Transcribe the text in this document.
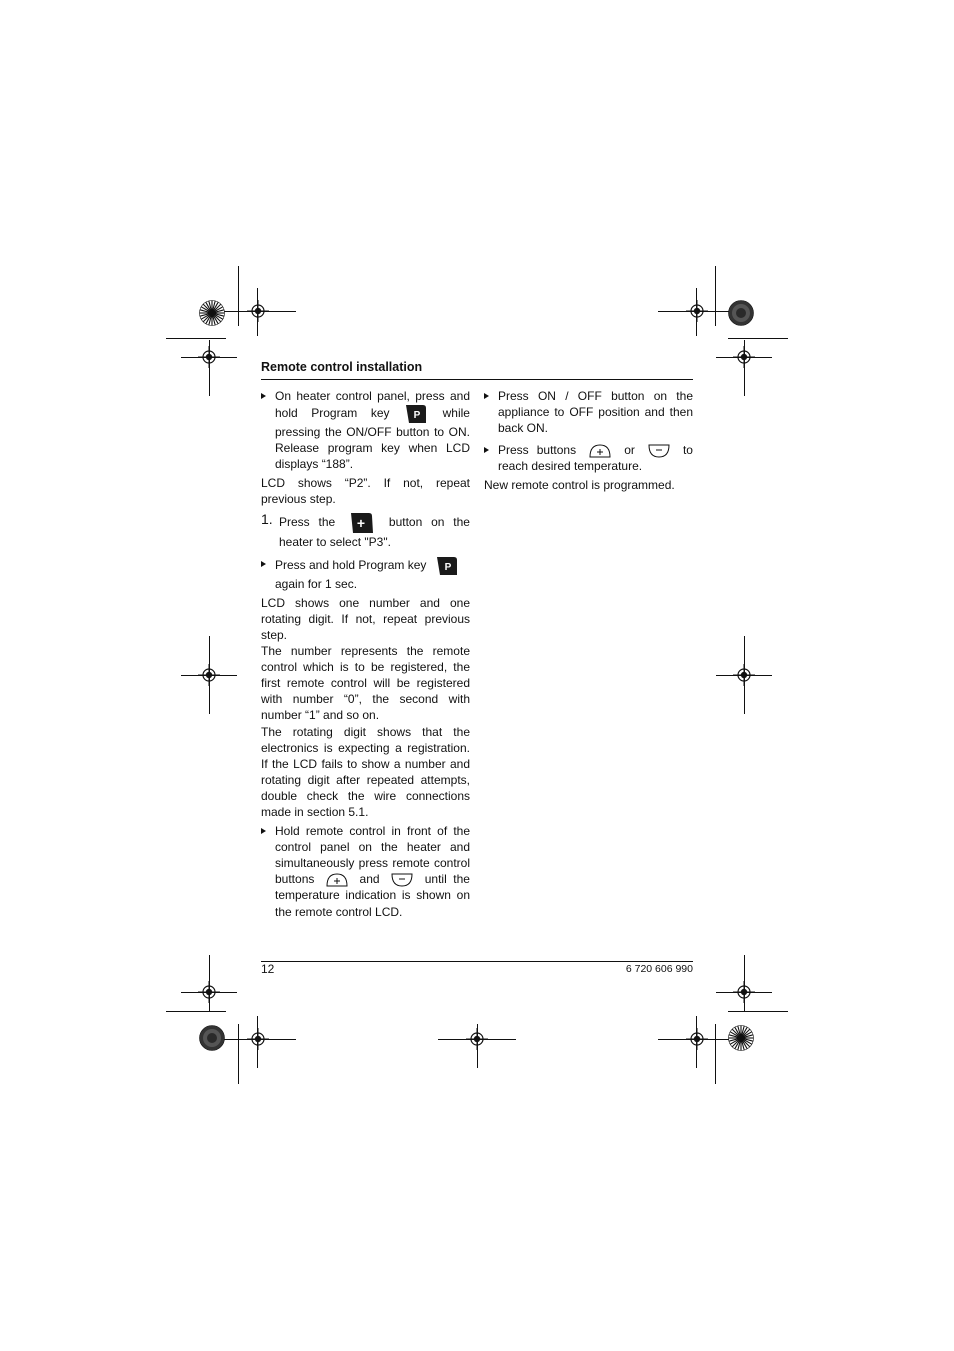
Remote control installation
On heater control panel, press and hold Program key P while pressing the ON/OFF button to ON. Release program key when LCD displays “188”.
LCD shows “P2”. If not, repeat previous step.
1. Press the + button on the heater to select "P3".
Press and hold Program key P

again for 1 sec.
LCD shows one number and one rotating digit. If not, repeat previous step.
The number represents the remote control which is to be registered, the first remote control will be registered with number “0”, the second with number “1” and so on.
The rotating digit shows that the electronics is expecting a registration. If the LCD fails to show a number and rotating digit after repeated attempts, double check the wire connections made in section 5.1.
Hold remote control in front of the control panel on the heater and simultaneously press remote control buttons	and	until the temperature indication is shown on the remote control LCD.
Press ON / OFF button on the appliance to OFF position and then back ON.
Press buttons	or	to reach desired temperature.
New remote control is programmed.
12	6 720 606 990
